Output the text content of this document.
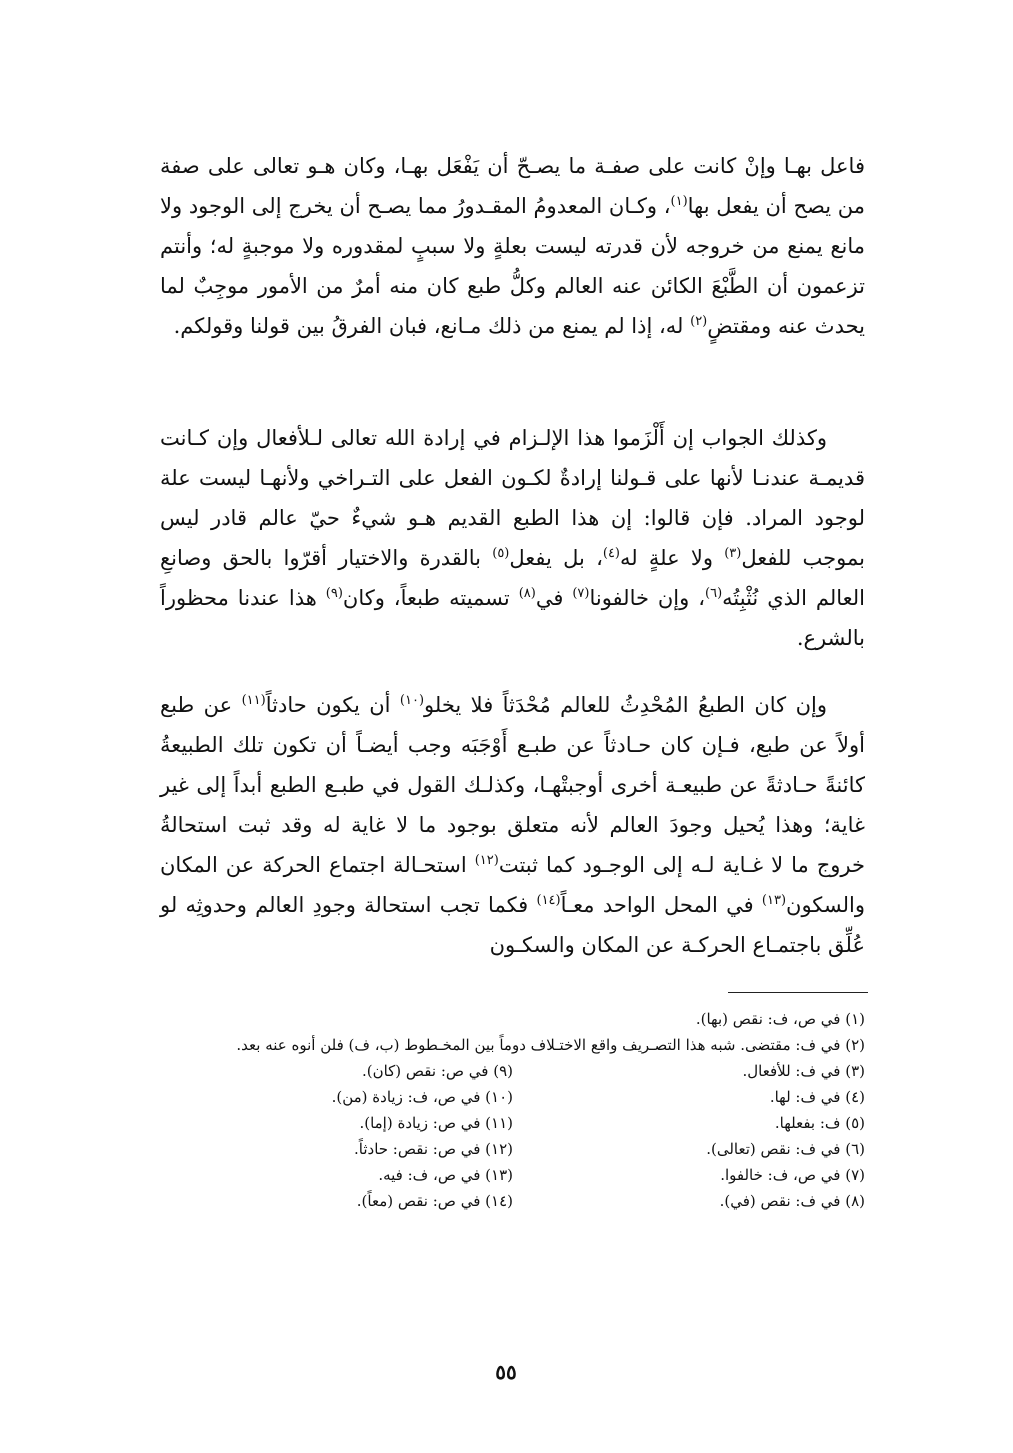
فاعل بهـا وإنْ كانت على صفـة ما يصـحّ أن يَفْعَل بهـا، وكان هـو تعالى على صفة من يصح أن يفعل بها$^{(١)}$، وكـان المعدومُ المقـدورُ مما يصـح أن يخرج إلى الوجود ولا مانع يمنع من خروجه لأن قدرته ليست بعلةٍ ولا سببٍ لمقدوره ولا موجبةٍ له؛ وأنتم تزعمون أن الطَّبْعَ الكائن عنه العالم وكلُّ طبع كان منه أمرٌ من الأمور موجِبٌ لما يحدث عنه ومقتضٍ$^{(٢)}$ له، إذا لم يمنع من ذلك مـانع، فبان الفرقُ بين قولنا وقولكم.
وكذلك الجواب إن أَلْزَموا هذا الإلـزام في إرادة الله تعالى لـلأفعال وإن كـانت قديمـة عندنـا لأنها على قـولنا إرادةٌ لكـون الفعل على التـراخي ولأنهـا ليست علة لوجود المراد. فإن قالوا: إن هذا الطبع القديم هـو شيءٌ حيّ عالم قادر ليس بموجب للفعل$^{(٣)}$ ولا علةٍ له$^{(٤)}$، بل يفعل$^{(٥)}$ بالقدرة والاختيار أقرّوا بالحق وصانعِ العالم الذي نُثْبِتُه$^{(٦)}$، وإن خالفونا$^{(٧)}$ في$^{(٨)}$ تسميته طبعاً، وكان$^{(٩)}$ هذا عندنا محظوراً بالشرع.
وإن كان الطبعُ المُحْدِثُ للعالم مُحْدَثاً فلا يخلو$^{(١٠)}$ أن يكون حادثاً$^{(١١)}$ عن طبع أولاً عن طبع، فـإن كان حـادثاً عن طبـع أَوْجَبَه وجب أيضـاً أن تكون تلك الطبيعةُ كائنةً حـادثةً عن طبيعـة أخرى أوجبتْهـا، وكذلـك القول في طبـع الطبع أبداً إلى غير غاية؛ وهذا يُحيل وجودَ العالم لأنه متعلق بوجود ما لا غاية له وقد ثبت استحالةُ خروج ما لا غـاية لـه إلى الوجـود كما ثبتت$^{(١٢)}$ استحـالة اجتماع الحركة عن المكان والسكون$^{(١٣)}$ في المحل الواحد معـاً$^{(١٤)}$ فكما تجب استحالة وجودِ العالم وحدوثِه لو عُلِّق باجتمـاع الحركـة عن المكان والسكـون

(١) في ص، ف: نقص (بها).

(٢) في ف: مقتضى. شبه هذا التصـريف واقع الاختـلاف دوماً بين المخـطوط (ب، ف) فلن أنوه عنه بعد.

(٣) في ف: للأفعال.

(٤) في ف: لها.

(٥) ف: بفعلها.

(٦) في ف: نقص (تعالى).

(٧) في ص، ف: خالفوا.

(٨) في ف: نقص (في).

(٩) في ص: نقص (كان).

(١٠) في ص، ف: زيادة (من).

(١١) في ص: زيادة (إما).

(١٢) في ص: نقص: حادثاً.

(١٣) في ص، ف: فيه.

(١٤) في ص: نقص (معاً).

٥٥
